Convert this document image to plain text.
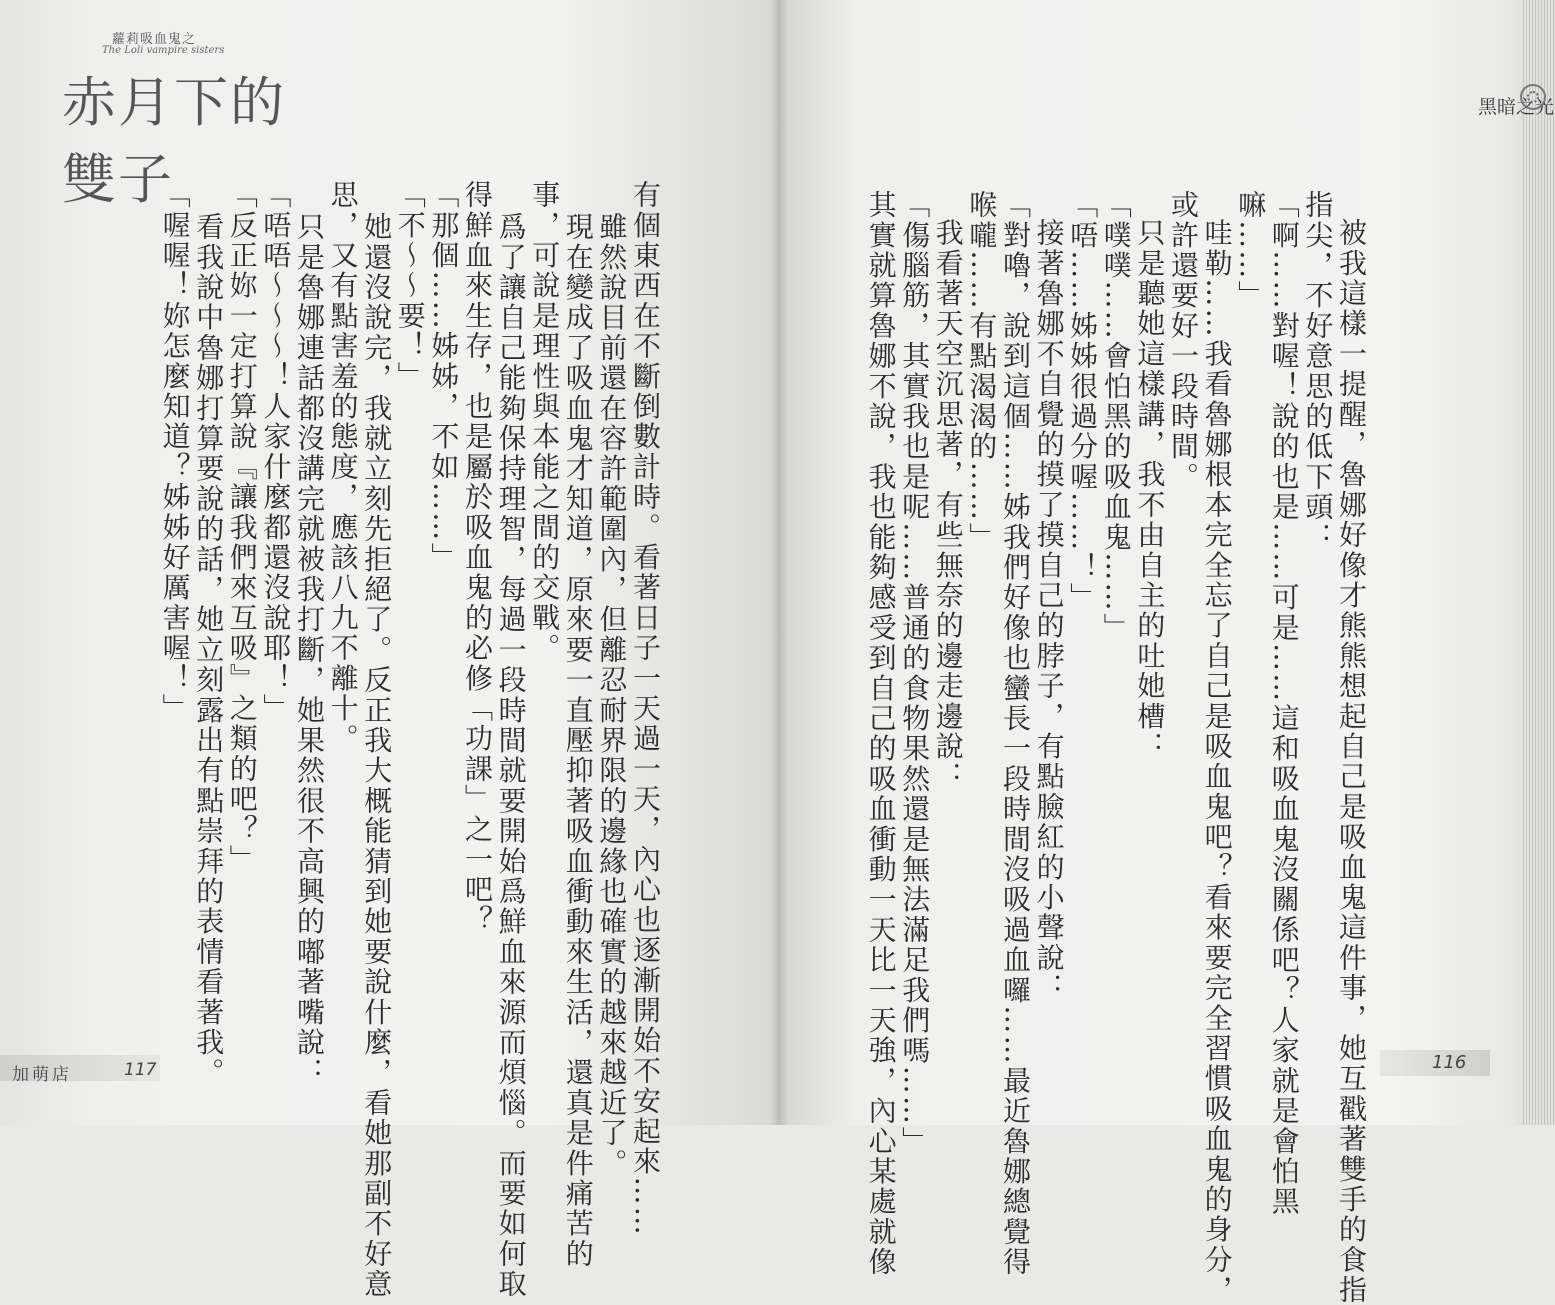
蘿莉吸血鬼之
The Loli vampire sisters
赤月下的雙子
黑暗之光
被我這樣一提醒，魯娜好像才熊熊想起自己是吸血鬼這件事，她互戳著雙手的食指
指尖，不好意思的低下頭：
「啊……對喔！說的也是……可是……這和吸血鬼沒關係吧？人家就是會怕黑
嘛……」
哇勒……我看魯娜根本完全忘了自己是吸血鬼吧？看來要完全習慣吸血鬼的身分，
或許還要好一段時間。
只是聽她這樣講，我不由自主的吐她槽：
「噗噗……會怕黑的吸血鬼……」
「唔……姊姊很過分喔……！」
接著魯娜不自覺的摸了摸自己的脖子，有點臉紅的小聲說：
「對嚕，說到這個……姊我們好像也蠻長一段時間沒吸過血囉……最近魯娜總覺得
喉嚨……有點渴渴的……」
我看著天空沉思著，有些無奈的邊走邊說：
「傷腦筋，其實我也是呢……普通的食物果然還是無法滿足我們嗎……」
其實就算魯娜不說，我也能夠感受到自己的吸血衝動一天比一天強，內心某處就像
有個東西在不斷倒數計時。看著日子一天過一天，內心也逐漸開始不安起來……
雖然說目前還在容許範圍內，但離忍耐界限的邊緣也確實的越來越近了。
現在變成了吸血鬼才知道，原來要一直壓抑著吸血衝動來生活，還真是件痛苦的
事，可說是理性與本能之間的交戰。
爲了讓自己能夠保持理智，每過一段時間就要開始爲鮮血來源而煩惱。而要如何取
得鮮血來生存，也是屬於吸血鬼的必修「功課」之一吧？
「那個……姊姊，不如……」
「不～～要！」
她還沒說完，我就立刻先拒絕了。反正我大概能猜到她要說什麼，看她那副不好意
思，又有點害羞的態度，應該八九不離十。
只是魯娜連話都沒講完就被我打斷，她果然很不高興的嘟著嘴說：
「唔唔～～～！人家什麼都還沒說耶！」
「反正妳一定打算說『讓我們來互吸』之類的吧？」
看我說中魯娜打算要說的話，她立刻露出有點崇拜的表情看著我。
「喔喔！妳怎麼知道？姊姊好厲害喔！」
加萌店	117	116
